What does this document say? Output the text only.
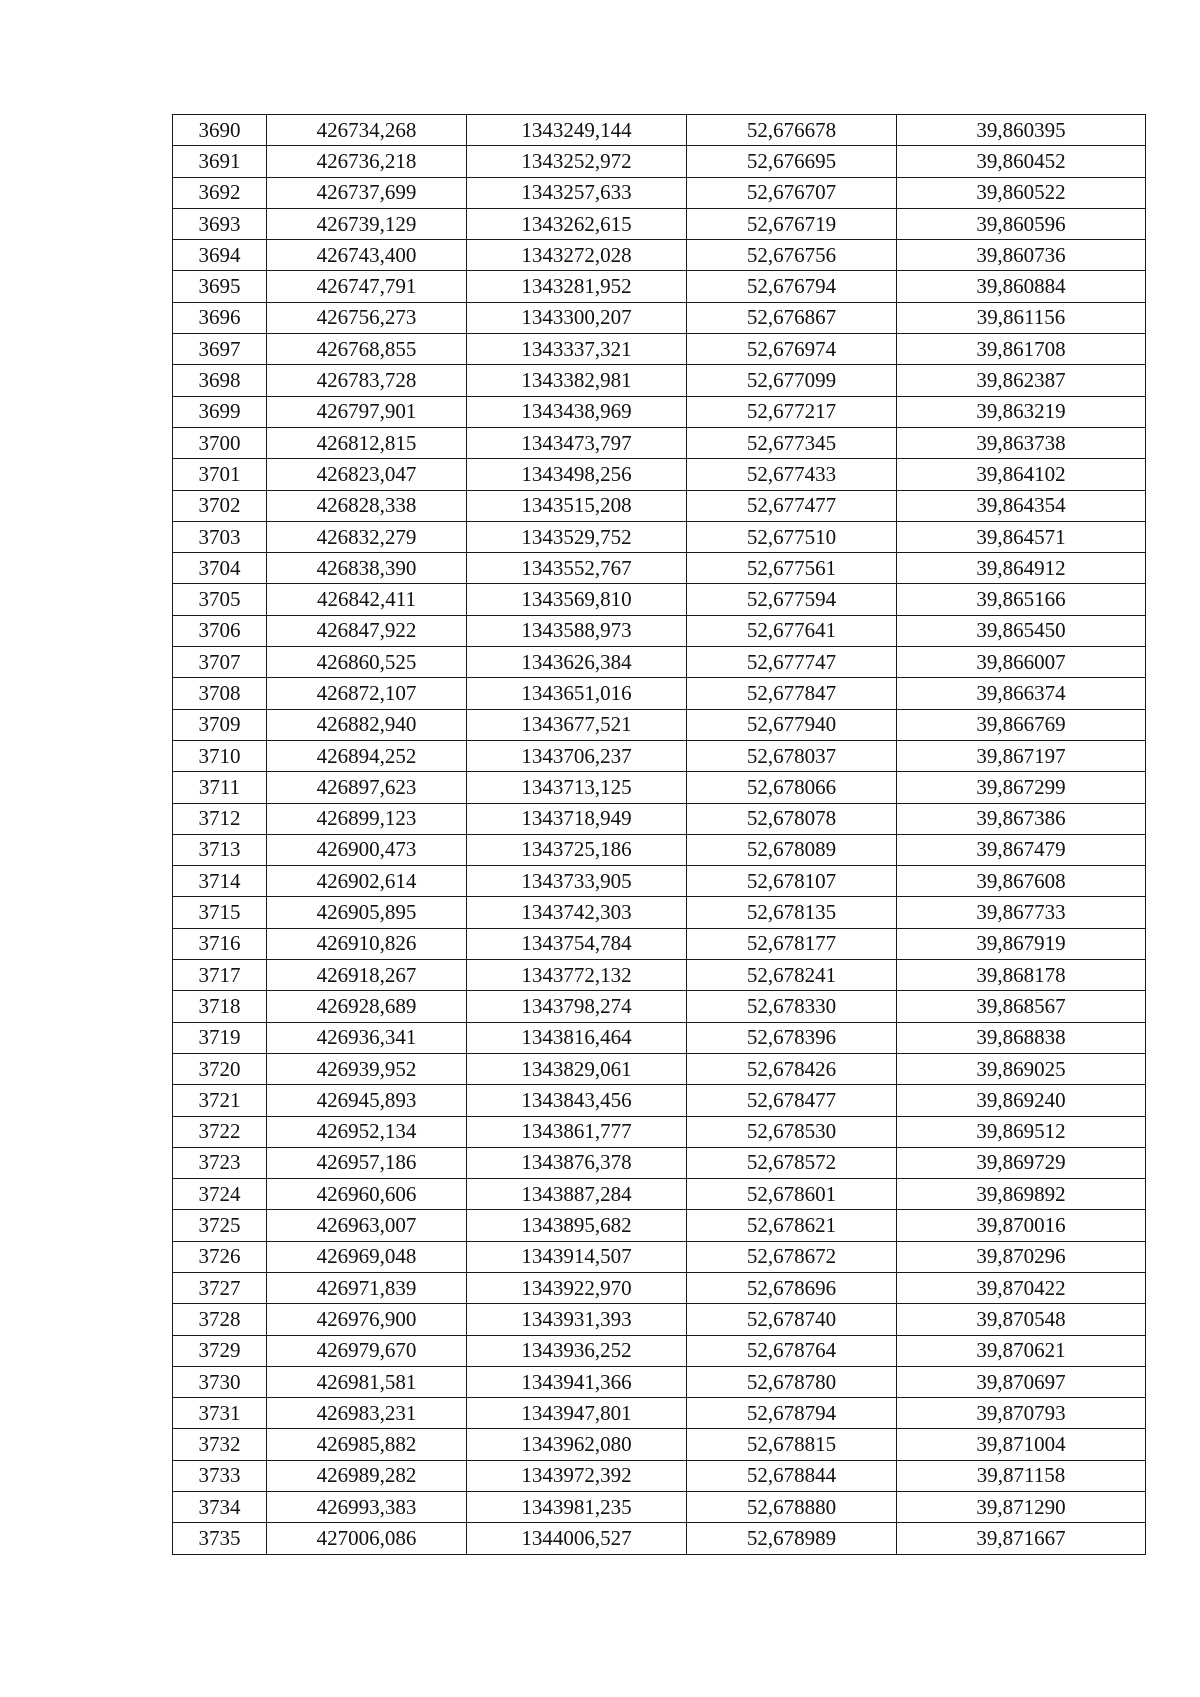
3690	426734,268	1343249,144	52,676678	39,860395
3691	426736,218	1343252,972	52,676695	39,860452
3692	426737,699	1343257,633	52,676707	39,860522
3693	426739,129	1343262,615	52,676719	39,860596
3694	426743,400	1343272,028	52,676756	39,860736
3695	426747,791	1343281,952	52,676794	39,860884
3696	426756,273	1343300,207	52,676867	39,861156
3697	426768,855	1343337,321	52,676974	39,861708
3698	426783,728	1343382,981	52,677099	39,862387
3699	426797,901	1343438,969	52,677217	39,863219
3700	426812,815	1343473,797	52,677345	39,863738
3701	426823,047	1343498,256	52,677433	39,864102
3702	426828,338	1343515,208	52,677477	39,864354
3703	426832,279	1343529,752	52,677510	39,864571
3704	426838,390	1343552,767	52,677561	39,864912
3705	426842,411	1343569,810	52,677594	39,865166
3706	426847,922	1343588,973	52,677641	39,865450
3707	426860,525	1343626,384	52,677747	39,866007
3708	426872,107	1343651,016	52,677847	39,866374
3709	426882,940	1343677,521	52,677940	39,866769
3710	426894,252	1343706,237	52,678037	39,867197
3711	426897,623	1343713,125	52,678066	39,867299
3712	426899,123	1343718,949	52,678078	39,867386
3713	426900,473	1343725,186	52,678089	39,867479
3714	426902,614	1343733,905	52,678107	39,867608
3715	426905,895	1343742,303	52,678135	39,867733
3716	426910,826	1343754,784	52,678177	39,867919
3717	426918,267	1343772,132	52,678241	39,868178
3718	426928,689	1343798,274	52,678330	39,868567
3719	426936,341	1343816,464	52,678396	39,868838
3720	426939,952	1343829,061	52,678426	39,869025
3721	426945,893	1343843,456	52,678477	39,869240
3722	426952,134	1343861,777	52,678530	39,869512
3723	426957,186	1343876,378	52,678572	39,869729
3724	426960,606	1343887,284	52,678601	39,869892
3725	426963,007	1343895,682	52,678621	39,870016
3726	426969,048	1343914,507	52,678672	39,870296
3727	426971,839	1343922,970	52,678696	39,870422
3728	426976,900	1343931,393	52,678740	39,870548
3729	426979,670	1343936,252	52,678764	39,870621
3730	426981,581	1343941,366	52,678780	39,870697
3731	426983,231	1343947,801	52,678794	39,870793
3732	426985,882	1343962,080	52,678815	39,871004
3733	426989,282	1343972,392	52,678844	39,871158
3734	426993,383	1343981,235	52,678880	39,871290
3735	427006,086	1344006,527	52,678989	39,871667
